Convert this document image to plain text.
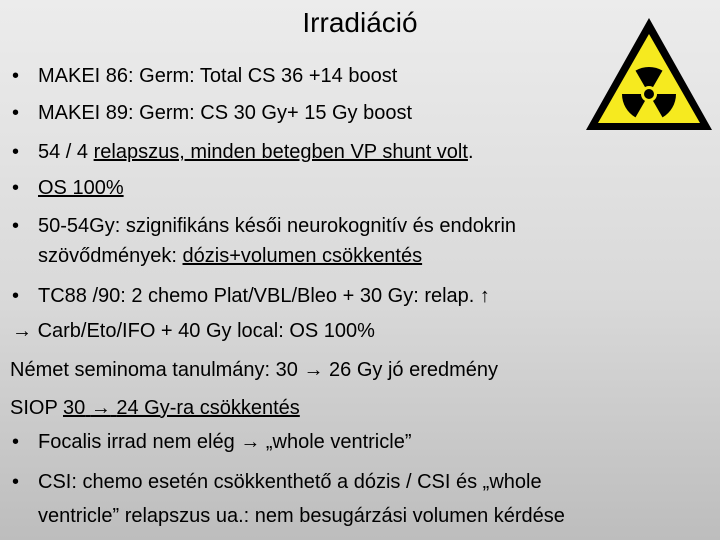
Irradiáció
• MAKEI 86: Germ: Total CS 36 +14 boost
• MAKEI 89: Germ: CS 30 Gy+ 15 Gy boost
• 54 / 4 relapszus, minden betegben VP shunt volt.
• OS 100%
• 50-54Gy: szignifikáns késői neurokognitív és endokrin
szövődmények: dózis+volumen csökkentés
• TC88 /90: 2 chemo Plat/VBL/Bleo + 30 Gy: relap. ↑
→ Carb/Eto/IFO + 40 Gy local: OS 100%
Német seminoma tanulmány: 30 → 26 Gy jó eredmény
SIOP 30 → 24 Gy-ra csökkentés
• Focalis irrad nem elég → „whole ventricle”
• CSI: chemo esetén csökkenthető a dózis / CSI és „whole
ventricle” relapszus ua.: nem besugárzási volumen kérdése
